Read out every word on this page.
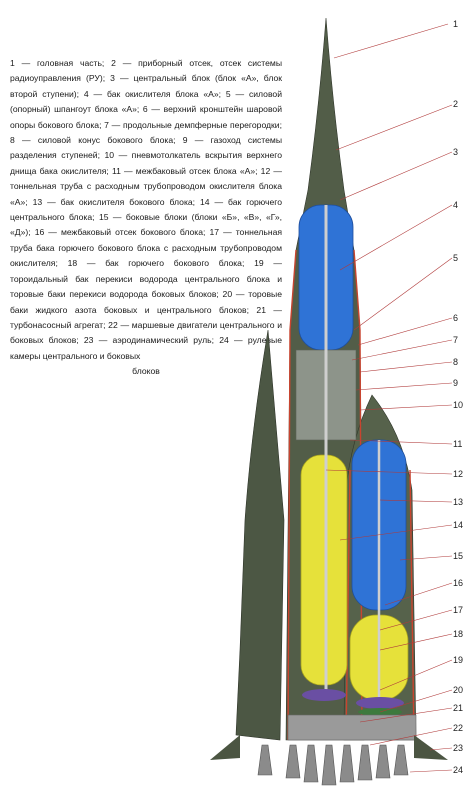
1 — головная часть; 2 — приборный отсек, отсек системы радиоуправления (РУ); 3 — центральный блок (блок «А», блок второй ступени); 4 — бак окислителя блока «А»; 5 — силовой (опорный) шпангоут блока «А»; 6 — верхний кронштейн шаровой опоры бокового блока; 7 — продольные демпферные перегородки; 8 — силовой конус бокового блока; 9 — газоход системы разделения ступеней; 10 — пневмотолкатель вскрытия верхнего днища бака окислителя; 11 — межбаковый отсек блока «А»; 12 — тоннельная труба с расходным трубопроводом окислителя блока «А»; 13 — бак окислителя бокового блока; 14 — бак горючего центрального блока; 15 — боковые блоки (блоки «Б», «В», «Г», «Д»); 16 — межбаковый отсек бокового блока; 17 — тоннельная труба бака горючего бокового блока с расходным трубопроводом окислителя; 18 — бак горючего бокового блока; 19 — тороидальный бак перекиси водорода центрального блока и торовые баки перекиси водорода боковых блоков; 20 — торовые баки жидкого азота боковых и центрального блоков; 21 — турбонасосный агрегат; 22 — маршевые двигатели центрального и боковых блоков; 23 — аэродинамический руль; 24 — рулевые камеры центрального и боковых
блоков

1
2
3
4
5
6
7
8
9
10
11
12
13
14
15
16
17
18
19
20
21
22
23
24
